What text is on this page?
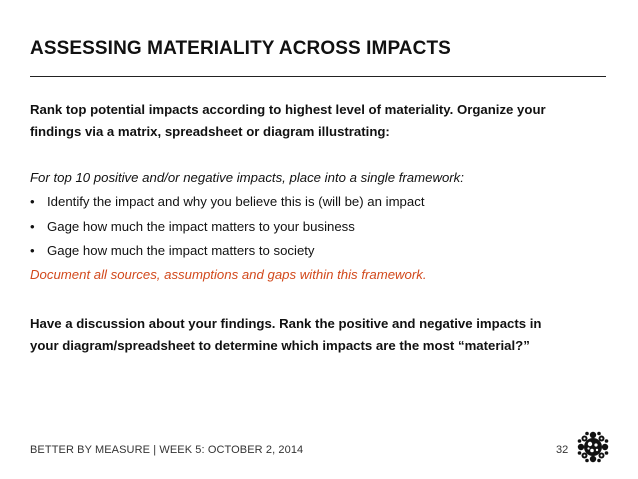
ASSESSING MATERIALITY ACROSS IMPACTS
Rank top potential impacts according to highest level of materiality. Organize your
findings via a matrix, spreadsheet or diagram illustrating:
For top 10 positive and/or negative impacts, place into a single framework:
• Identify the impact and why you believe this is (will be) an impact
• Gage how much the impact matters to your business
• Gage how much the impact matters to society
Document all sources, assumptions and gaps within this framework.
Have a discussion about your findings. Rank the positive and negative impacts in
your diagram/spreadsheet to determine which impacts are the most “material?”
BETTER BY MEASURE | WEEK 5: OCTOBER 2, 2014	32
